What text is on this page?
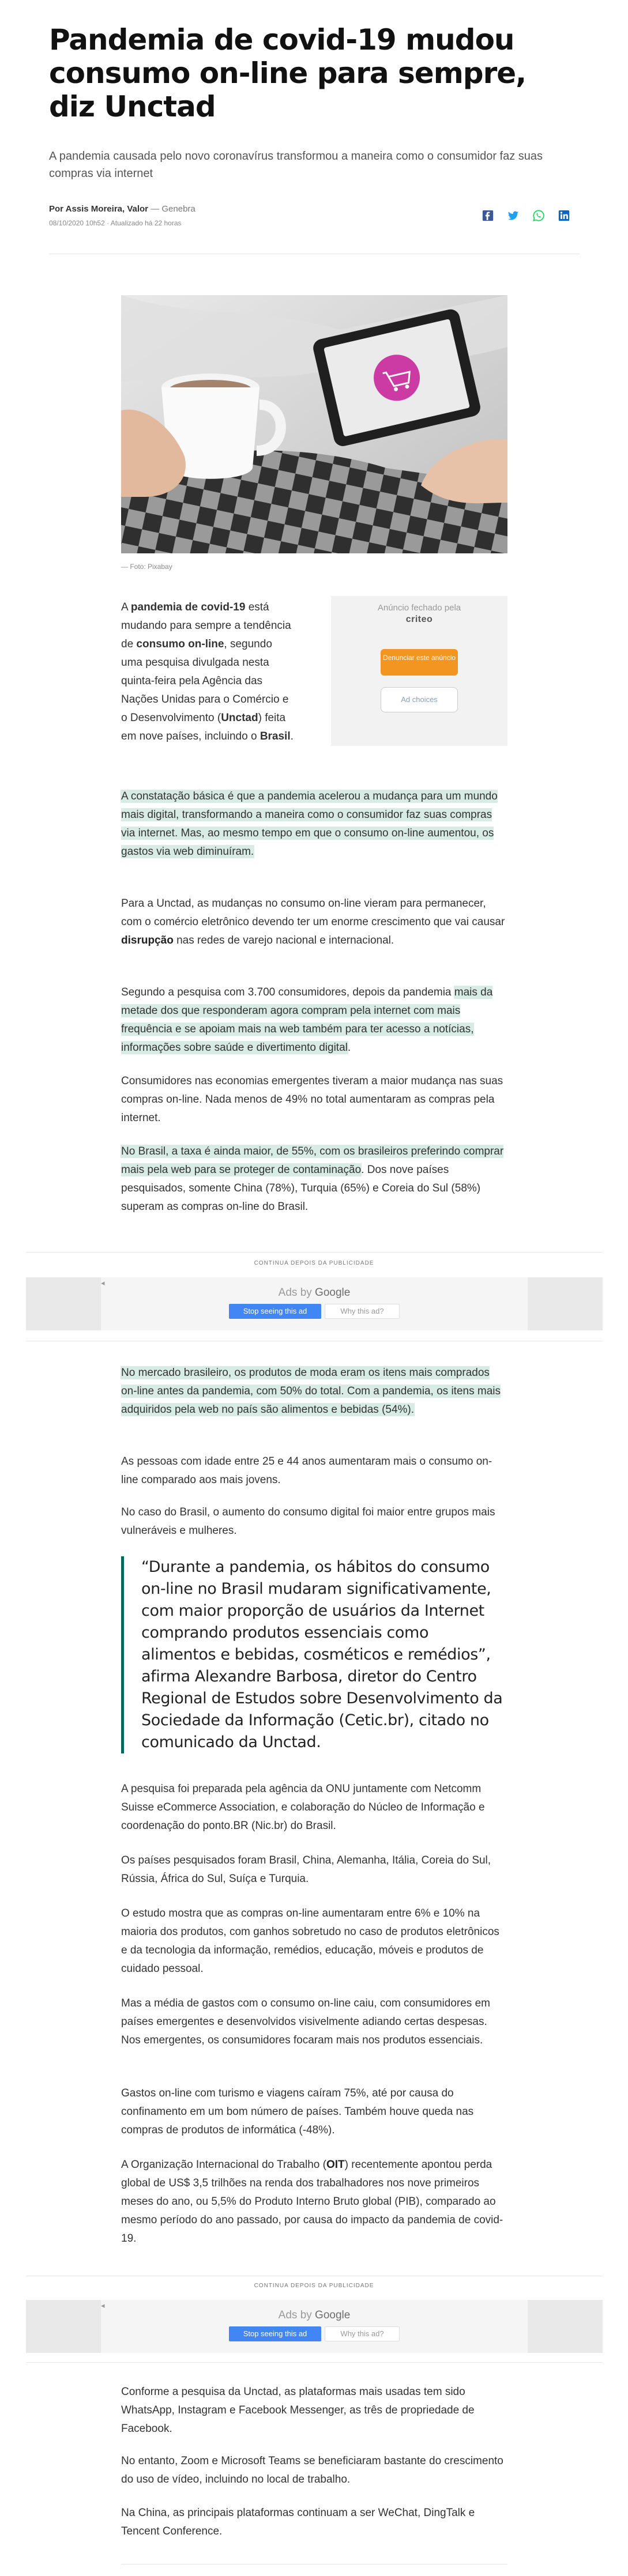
Pandemia de covid-19 mudou consumo on-line para sempre, diz Unctad

A pandemia causada pelo novo coronavírus transformou a maneira como o consumidor faz suas compras via internet

Por Assis Moreira, Valor — Genebra
08/10/2020 10h52 · Atualizado há 22 horas
— Foto: Pixabay

A pandemia de covid-19 está mudando para sempre a tendência de consumo on-line, segundo uma pesquisa divulgada nesta quinta-feira pela Agência das Nações Unidas para o Comércio e o Desenvolvimento (Unctad) feita em nove países, incluindo o Brasil.

Anúncio fechado pela
criteo
Denunciar este anúncio
Ad choices

A constatação básica é que a pandemia acelerou a mudança para um mundo mais digital, transformando a maneira como o consumidor faz suas compras via internet. Mas, ao mesmo tempo em que o consumo on-line aumentou, os gastos via web diminuíram.

Para a Unctad, as mudanças no consumo on-line vieram para permanecer, com o comércio eletrônico devendo ter um enorme crescimento que vai causar disrupção nas redes de varejo nacional e internacional.

Segundo a pesquisa com 3.700 consumidores, depois da pandemia mais da metade dos que responderam agora compram pela internet com mais frequência e se apoiam mais na web também para ter acesso a notícias, informações sobre saúde e divertimento digital.

Consumidores nas economias emergentes tiveram a maior mudança nas suas compras on-line. Nada menos de 49% no total aumentaram as compras pela internet.

No Brasil, a taxa é ainda maior, de 55%, com os brasileiros preferindo comprar mais pela web para se proteger de contaminação. Dos nove países pesquisados, somente China (78%), Turquia (65%) e Coreia do Sul (58%) superam as compras on-line do Brasil.

CONTINUA DEPOIS DA PUBLICIDADE
◂
Ads by Google
Stop seeing this ad	Why this ad?

No mercado brasileiro, os produtos de moda eram os itens mais comprados on-line antes da pandemia, com 50% do total. Com a pandemia, os itens mais adquiridos pela web no país são alimentos e bebidas (54%).

As pessoas com idade entre 25 e 44 anos aumentaram mais o consumo on-line comparado aos mais jovens.

No caso do Brasil, o aumento do consumo digital foi maior entre grupos mais vulneráveis e mulheres.

“Durante a pandemia, os hábitos do consumo on-line no Brasil mudaram significativamente, com maior proporção de usuários da Internet comprando produtos essenciais como alimentos e bebidas, cosméticos e remédios”, afirma Alexandre Barbosa, diretor do Centro Regional de Estudos sobre Desenvolvimento da Sociedade da Informação (Cetic.br), citado no comunicado da Unctad.

A pesquisa foi preparada pela agência da ONU juntamente com Netcomm Suisse eCommerce Association, e colaboração do Núcleo de Informação e coordenação do ponto.BR (Nic.br) do Brasil.

Os países pesquisados foram Brasil, China, Alemanha, Itália, Coreia do Sul, Rússia, África do Sul, Suíça e Turquia.

O estudo mostra que as compras on-line aumentaram entre 6% e 10% na maioria dos produtos, com ganhos sobretudo no caso de produtos eletrônicos e da tecnologia da informação, remédios, educação, móveis e produtos de cuidado pessoal.

Mas a média de gastos com o consumo on-line caiu, com consumidores em países emergentes e desenvolvidos visivelmente adiando certas despesas. Nos emergentes, os consumidores focaram mais nos produtos essenciais.

Gastos on-line com turismo e viagens caíram 75%, até por causa do confinamento em um bom número de países. Também houve queda nas compras de produtos de informática (-48%).

A Organização Internacional do Trabalho (OIT) recentemente apontou perda global de US$ 3,5 trilhões na renda dos trabalhadores nos nove primeiros meses do ano, ou 5,5% do Produto Interno Bruto global (PIB), comparado ao mesmo período do ano passado, por causa do impacto da pandemia de covid-19.

CONTINUA DEPOIS DA PUBLICIDADE
◂
Ads by Google
Stop seeing this ad	Why this ad?

Conforme a pesquisa da Unctad, as plataformas mais usadas tem sido WhatsApp, Instagram e Facebook Messenger, as três de propriedade de Facebook.

No entanto, Zoom e Microsoft Teams se beneficiaram bastante do crescimento do uso de vídeo, incluindo no local de trabalho.

Na China, as principais plataformas continuam a ser WeChat, DingTalk e Tencent Conference.
